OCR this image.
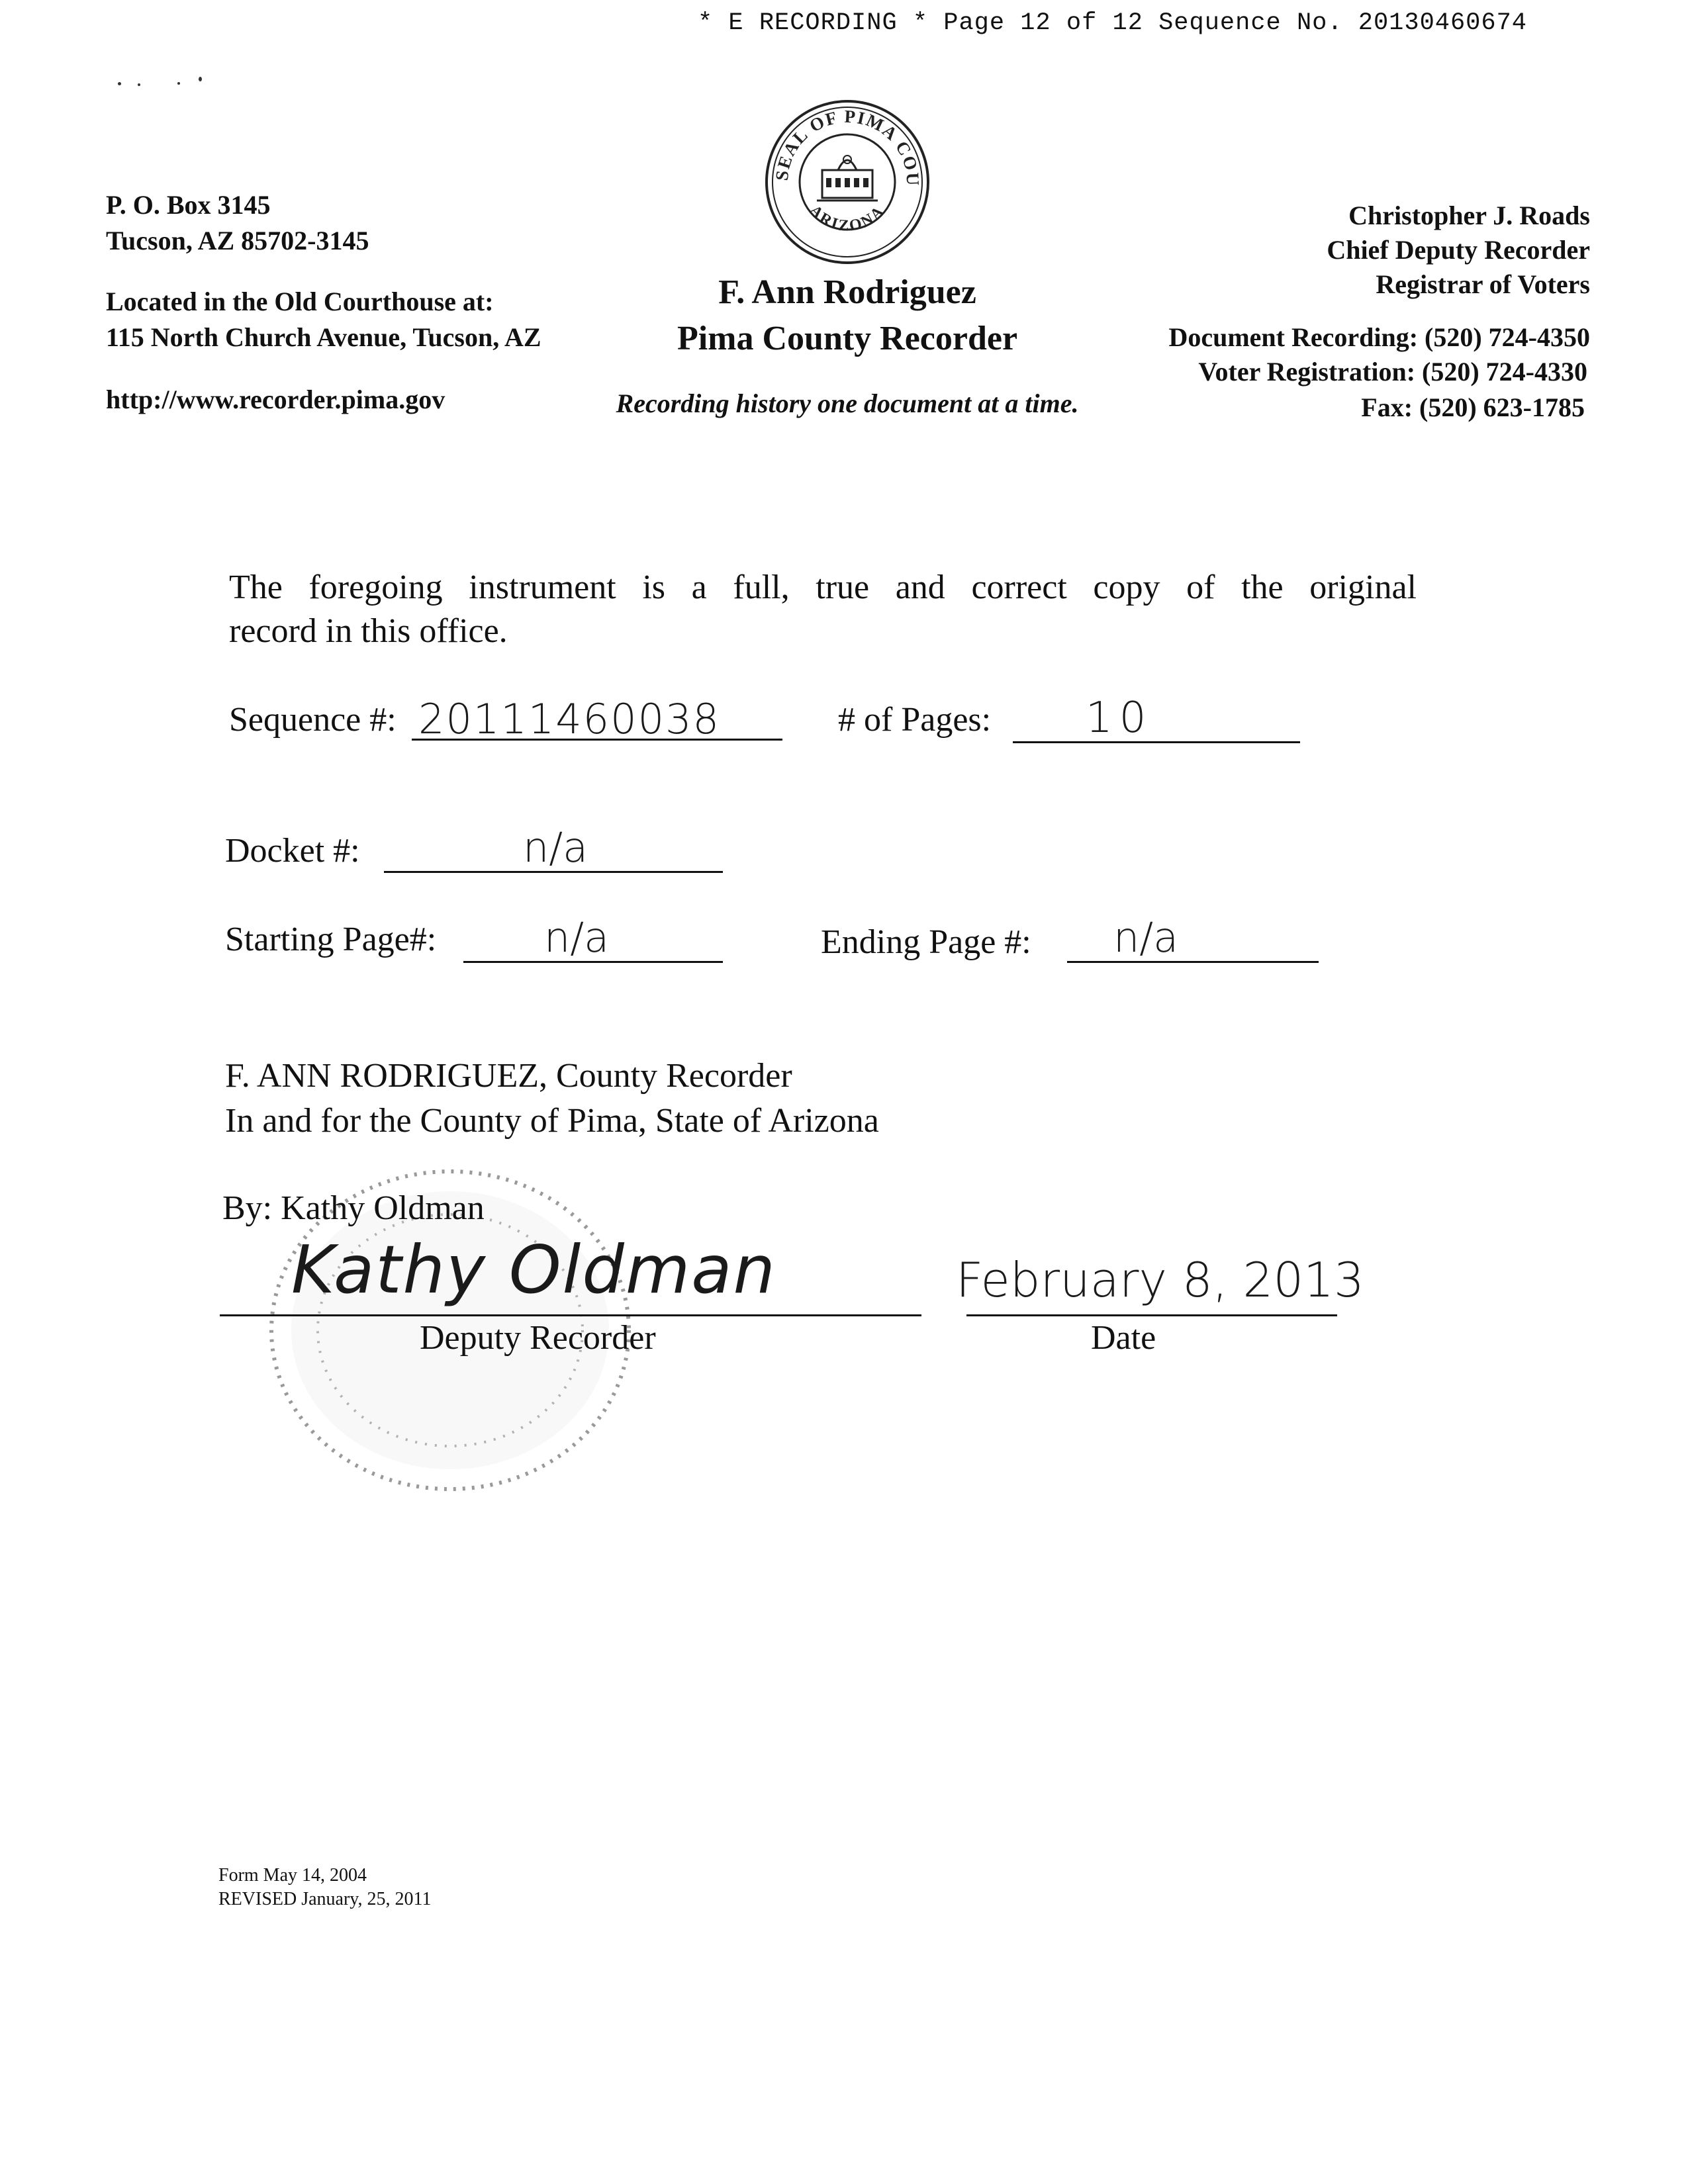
* E RECORDING * Page 12 of 12 Sequence No. 20130460674
SEAL OF PIMA COU
ARIZONA
P. O. Box 3145
Tucson, AZ 85702-3145
Located in the Old Courthouse at:
115 North Church Avenue, Tucson, AZ
http://www.recorder.pima.gov
F. Ann Rodriguez
Pima County Recorder
Recording history one document at a time.
Christopher J. Roads
Chief Deputy Recorder
Registrar of Voters
Document Recording: (520) 724-4350
Voter Registration: (520) 724-4330
Fax: (520) 623-1785
The foregoing instrument is a full, true and correct copy of the original
record in this office.
Sequence #: 20111460038	# of Pages: 10
Docket #:	n/a
Starting Page#:	n/a	Ending Page #: n/a
F. ANN RODRIGUEZ, County Recorder
In and for the County of Pima, State of Arizona
By: Kathy Oldman
Kathy Oldman
Deputy Recorder
February 8, 2013
Date
Form May 14, 2004
REVISED January, 25, 2011
